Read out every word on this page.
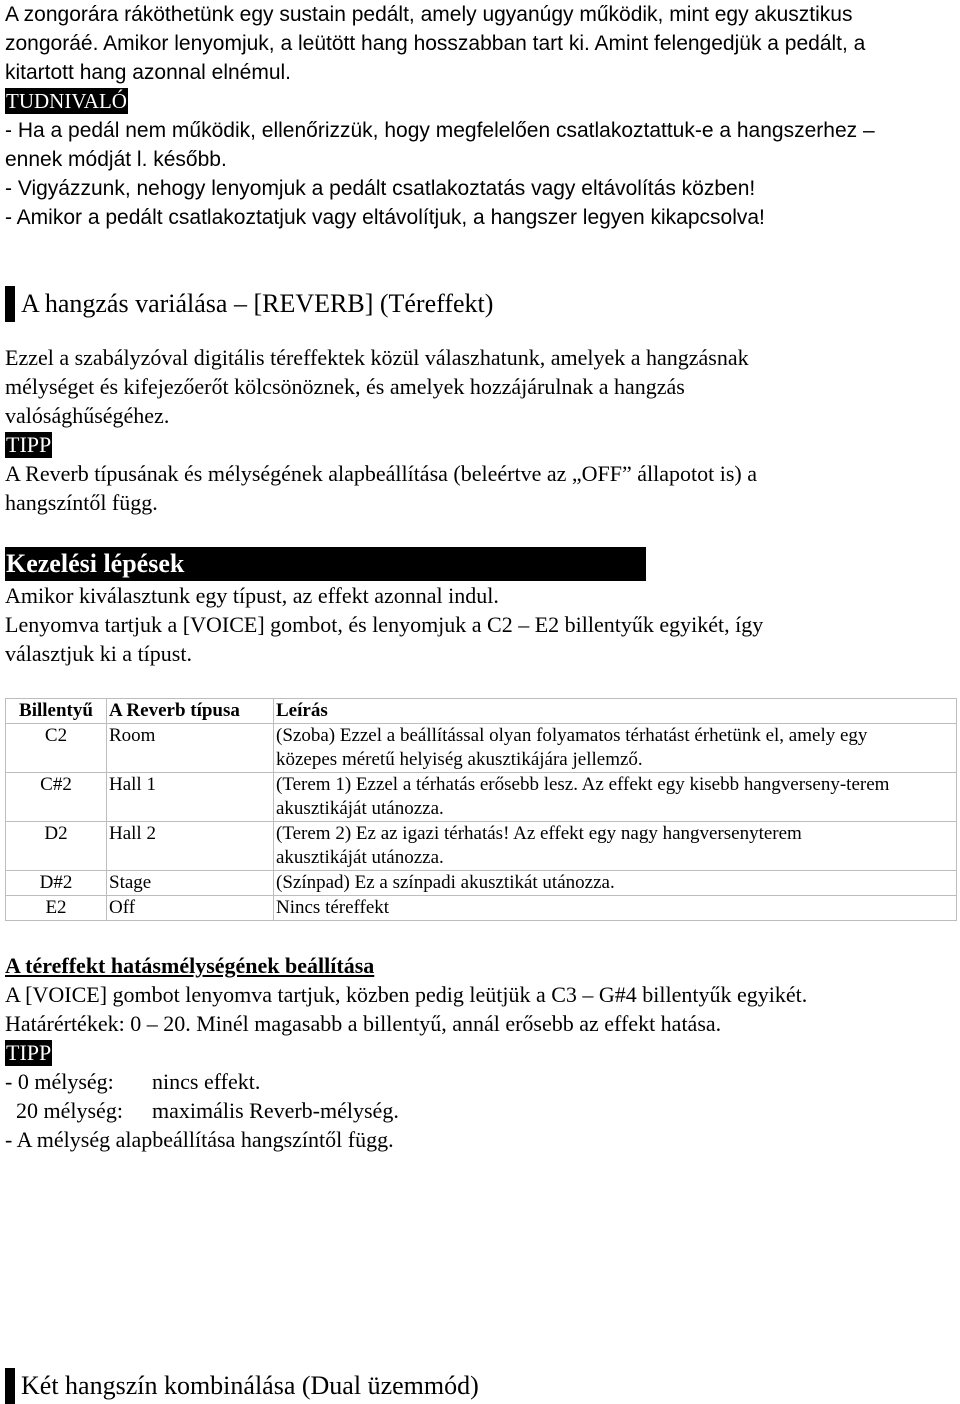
A zongorára ráköthetünk egy sustain pedált, amely ugyanúgy működik, mint egy akusztikus

zongoráé. Amikor lenyomjuk, a leütött hang hosszabban tart ki. Amint felengedjük a pedált, a

kitartott hang azonnal elnémul.

TUDNIVALÓ

- Ha a pedál nem működik, ellenőrizzük, hogy megfelelően csatlakoztattuk-e a hangszerhez –

ennek módját l. később.

- Vigyázzunk, nehogy lenyomjuk a pedált csatlakoztatás vagy eltávolítás közben!

- Amikor a pedált csatlakoztatjuk vagy eltávolítjuk, a hangszer legyen kikapcsolva!

A hangzás variálása – [REVERB] (Téreffekt)

Ezzel a szabályzóval digitális téreffektek közül válaszhatunk, amelyek a hangzásnak

mélységet és kifejezőerőt kölcsönöznek, és amelyek hozzájárulnak a hangzás

valósághűségéhez.

TIPP

A Reverb típusának és mélységének alapbeállítása (beleértve az „OFF” állapotot is) a

hangszíntől függ.

Kezelési lépések

Amikor kiválasztunk egy típust, az effekt azonnal indul.

Lenyomva tartjuk a [VOICE] gombot, és lenyomjuk a C2 – E2 billentyűk egyikét, így

választjuk ki a típust.

Billentyű	A Reverb típusa	Leírás
C2	Room	(Szoba) Ezzel a beállítással olyan folyamatos térhatást érhetünk el, amely egy
közepes méretű helyiség akusztikájára jellemző.

C#2	Hall 1	(Terem 1) Ezzel a térhatás erősebb lesz. Az effekt egy kisebb hangverseny-terem
akusztikáját utánozza.

D2	Hall 2	(Terem 2) Ez az igazi térhatás! Az effekt egy nagy hangversenyterem
akusztikáját utánozza.

D#2	Stage	(Színpad) Ez a színpadi akusztikát utánozza.
E2	Off	Nincs téreffekt

A téreffekt hatásmélységének beállítása

A [VOICE] gombot lenyomva tartjuk, közben pedig leütjük a C3 – G#4 billentyűk egyikét.

Határértékek: 0 – 20. Minél magasabb a billentyű, annál erősebb az effekt hatása.

TIPP

- 0 mélység:	nincs effekt.
20 mélység:	maximális Reverb-mélység.

- A mélység alapbeállítása hangszíntől függ.

Két hangszín kombinálása (Dual üzemmód)
